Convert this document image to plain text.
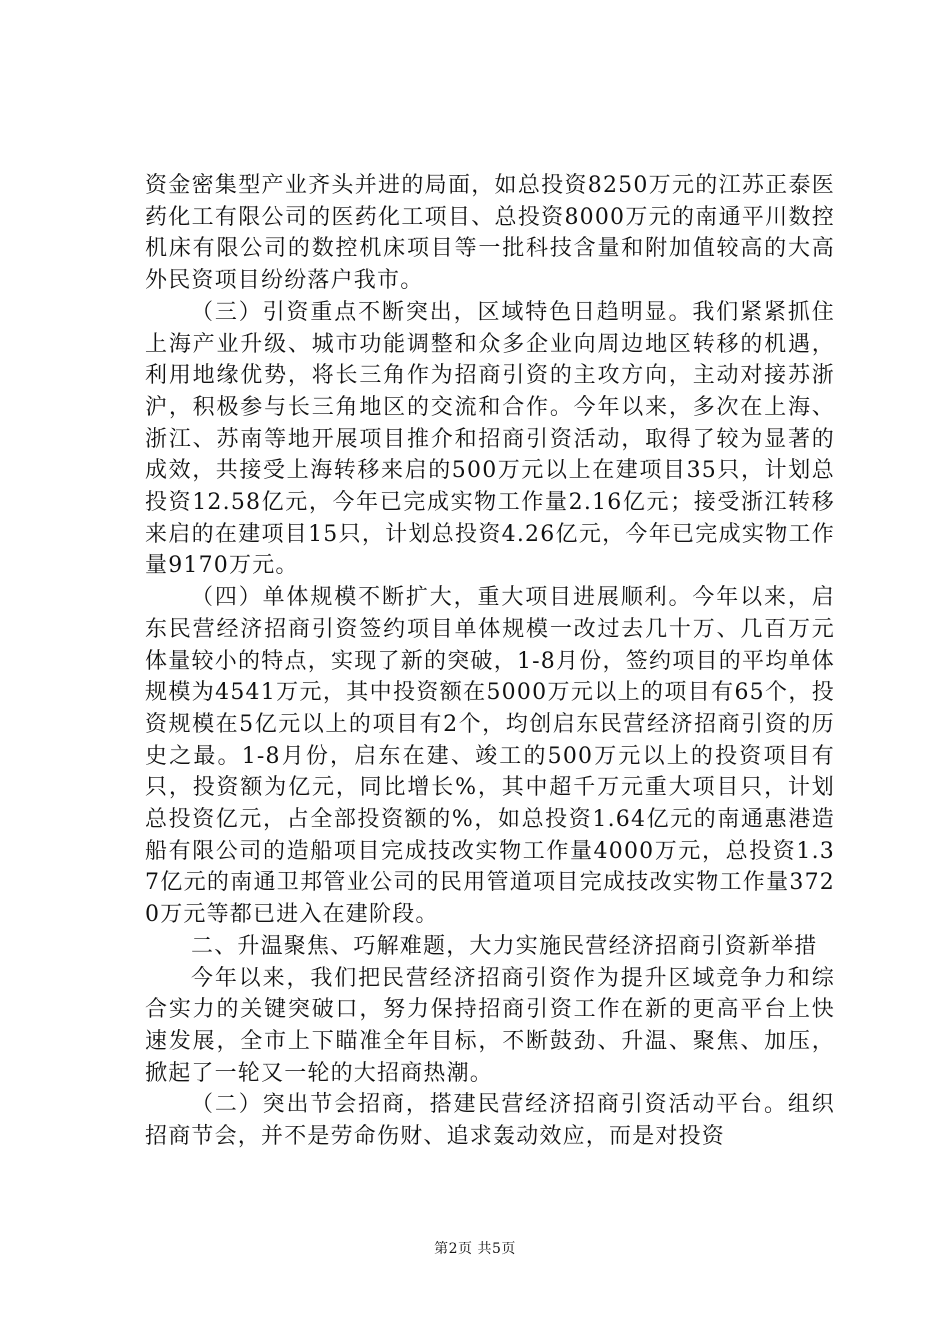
资金密集型产业齐头并进的局面，如总投资8250万元的江苏正泰医药化工有限公司的医药化工项目、总投资8000万元的南通平川数控机床有限公司的数控机床项目等一批科技含量和附加值较高的大高外民资项目纷纷落户我市。

（三）引资重点不断突出，区域特色日趋明显。我们紧紧抓住上海产业升级、城市功能调整和众多企业向周边地区转移的机遇，利用地缘优势，将长三角作为招商引资的主攻方向，主动对接苏浙沪，积极参与长三角地区的交流和合作。今年以来，多次在上海、浙江、苏南等地开展项目推介和招商引资活动，取得了较为显著的成效，共接受上海转移来启的500万元以上在建项目35只，计划总投资12.58亿元，今年已完成实物工作量2.16亿元；接受浙江转移来启的在建项目15只，计划总投资4.26亿元，今年已完成实物工作量9170万元。

（四）单体规模不断扩大，重大项目进展顺利。今年以来，启东民营经济招商引资签约项目单体规模一改过去几十万、几百万元体量较小的特点，实现了新的突破，1-8月份，签约项目的平均单体规模为4541万元，其中投资额在5000万元以上的项目有65个，投资规模在5亿元以上的项目有2个，均创启东民营经济招商引资的历史之最。1-8月份，启东在建、竣工的500万元以上的投资项目有只，投资额为亿元，同比增长%，其中超千万元重大项目只，计划总投资亿元，占全部投资额的%，如总投资1.64亿元的南通惠港造船有限公司的造船项目完成技改实物工作量4000万元，总投资1.37亿元的南通卫邦管业公司的民用管道项目完成技改实物工作量3720万元等都已进入在建阶段。

二、升温聚焦、巧解难题，大力实施民营经济招商引资新举措

今年以来，我们把民营经济招商引资作为提升区域竞争力和综合实力的关键突破口，努力保持招商引资工作在新的更高平台上快速发展，全市上下瞄准全年目标，不断鼓劲、升温、聚焦、加压，掀起了一轮又一轮的大招商热潮。

（二）突出节会招商，搭建民营经济招商引资活动平台。组织招商节会，并不是劳命伤财、追求轰动效应，而是对投资

第2页 共5页
